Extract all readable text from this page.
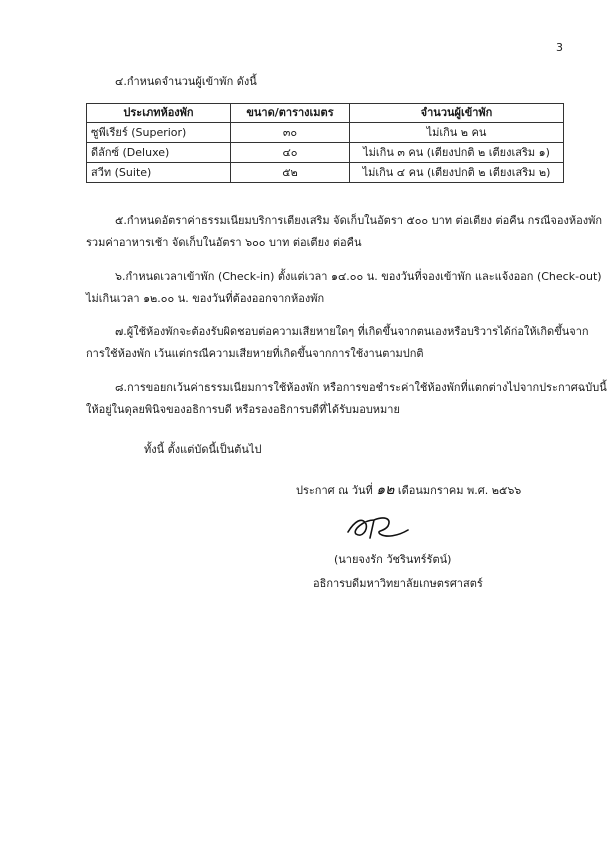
3
๔.กำหนดจำนวนผู้เข้าพัก ดังนี้
ประเภทห้องพัก	ขนาด/ตารางเมตร	จำนวนผู้เข้าพัก
ซูพีเรียร์ (Superior)	๓๐	ไม่เกิน ๒ คน
ดีลักซ์ (Deluxe)	๔๐	ไม่เกิน ๓ คน (เตียงปกติ ๒ เตียงเสริม ๑)
สวีท (Suite)	๕๒	ไม่เกิน ๔ คน (เตียงปกติ ๒ เตียงเสริม ๒)
๕.กำหนดอัตราค่าธรรมเนียมบริการเตียงเสริม จัดเก็บในอัตรา ๕๐๐ บาท ต่อเตียง ต่อคืน กรณีจองห้องพัก
รวมค่าอาหารเช้า จัดเก็บในอัตรา ๖๐๐ บาท ต่อเตียง ต่อคืน
๖.กำหนดเวลาเข้าพัก (Check-in) ตั้งแต่เวลา ๑๔.๐๐ น. ของวันที่จองเข้าพัก และแจ้งออก (Check-out)
ไม่เกินเวลา ๑๒.๐๐ น. ของวันที่ต้องออกจากห้องพัก
๗.ผู้ใช้ห้องพักจะต้องรับผิดชอบต่อความเสียหายใดๆ ที่เกิดขึ้นจากตนเองหรือบริวารได้ก่อให้เกิดขึ้นจาก
การใช้ห้องพัก เว้นแต่กรณีความเสียหายที่เกิดขึ้นจากการใช้งานตามปกติ
๘.การขอยกเว้นค่าธรรมเนียมการใช้ห้องพัก หรือการขอชำระค่าใช้ห้องพักที่แตกต่างไปจากประกาศฉบับนี้
ให้อยู่ในดุลยพินิจของอธิการบดี หรือรองอธิการบดีที่ได้รับมอบหมาย
ทั้งนี้ ตั้งแต่บัดนี้เป็นต้นไป
ประกาศ ณ วันที่ ๑๒ เดือนมกราคม พ.ศ. ๒๕๖๖
(นายจงรัก วัชรินทร์รัตน์)
อธิการบดีมหาวิทยาลัยเกษตรศาสตร์
